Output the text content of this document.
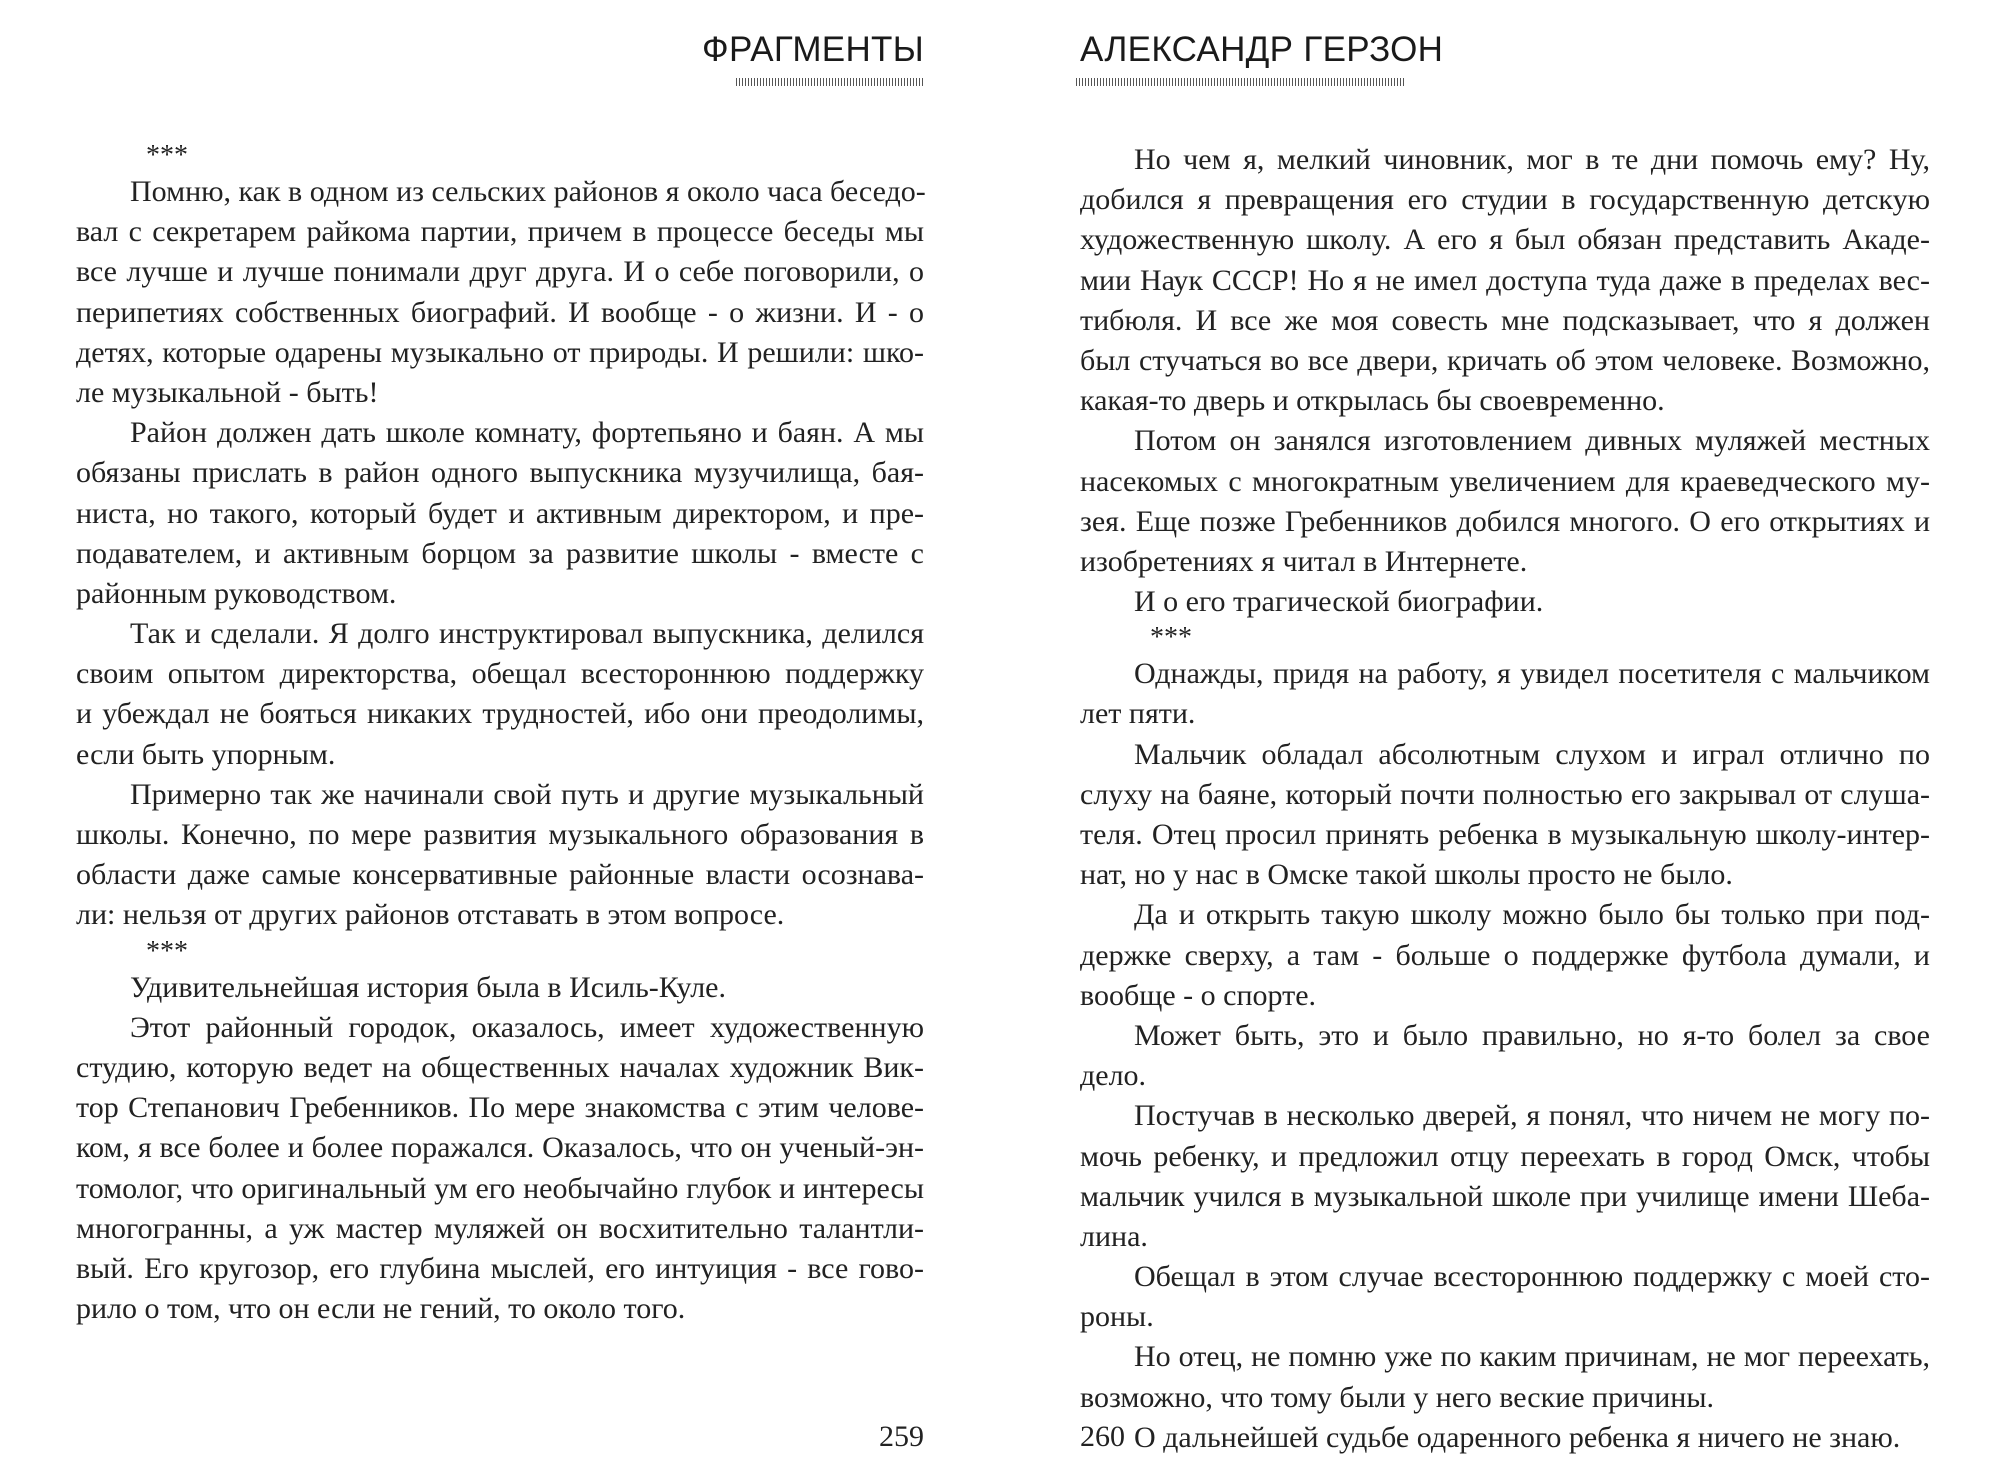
ФРАГМЕНТЫ
***
Помню, как в одном из сельских районов я около часа беседо-
вал с секретарем райкома партии, причем в процессе беседы мы
все лучше и лучше понимали друг друга. И о себе поговорили, о
перипетиях собственных биографий. И вообще - о жизни. И - о
детях, которые одарены музыкально от природы. И решили: шко-
ле музыкальной - быть!
Район должен дать школе комнату, фортепьяно и баян. А мы
обязаны прислать в район одного выпускника музучилища, бая-
ниста, но такого, который будет и активным директором, и пре-
подавателем, и активным борцом за развитие школы - вместе с
районным руководством.
Так и сделали. Я долго инструктировал выпускника, делился
своим опытом директорства, обещал всестороннюю поддержку
и убеждал не бояться никаких трудностей, ибо они преодолимы,
если быть упорным.
Примерно так же начинали свой путь и другие музыкальный
школы. Конечно, по мере развития музыкального образования в
области даже самые консервативные районные власти осознава-
ли: нельзя от других районов отставать в этом вопросе.
***
Удивительнейшая история была в Исиль-Куле.
Этот районный городок, оказалось, имеет художественную
студию, которую ведет на общественных началах художник Вик-
тор Степанович Гребенников. По мере знакомства с этим челове-
ком, я все более и более поражался. Оказалось, что он ученый-эн-
томолог, что оригинальный ум его необычайно глубок и интересы
многогранны, а уж мастер муляжей он восхитительно талантли-
вый. Его кругозор, его глубина мыслей, его интуиция - все гово-
рило о том, что он если не гений, то около того.
259
АЛЕКСАНДР ГЕРЗОН
Но чем я, мелкий чиновник, мог в те дни помочь ему? Ну,
добился я превращения его студии в государственную детскую
художественную школу. А его я был обязан представить Акаде-
мии Наук СССР! Но я не имел доступа туда даже в пределах вес-
тибюля. И все же моя совесть мне подсказывает, что я должен
был стучаться во все двери, кричать об этом человеке. Возможно,
какая-то дверь и открылась бы своевременно.
Потом он занялся изготовлением дивных муляжей местных
насекомых с многократным увеличением для краеведческого му-
зея. Еще позже Гребенников добился многого. О его открытиях и
изобретениях я читал в Интернете.
И о его трагической биографии.
***
Однажды, придя на работу, я увидел посетителя с мальчиком
лет пяти.
Мальчик обладал абсолютным слухом и играл отлично по
слуху на баяне, который почти полностью его закрывал от слуша-
теля. Отец просил принять ребенка в музыкальную школу-интер-
нат, но у нас в Омске такой школы просто не было.
Да и открыть такую школу можно было бы только при под-
держке сверху, а там - больше о поддержке футбола думали, и
вообще - о спорте.
Может быть, это и было правильно, но я-то болел за свое
дело.
Постучав в несколько дверей, я понял, что ничем не могу по-
мочь ребенку, и предложил отцу переехать в город Омск, чтобы
мальчик учился в музыкальной школе при училище имени Шеба-
лина.
Обещал в этом случае всестороннюю поддержку с моей сто-
роны.
Но отец, не помню уже по каким причинам, не мог переехать,
возможно, что тому были у него веские причины.
О дальнейшей судьбе одаренного ребенка я ничего не знаю.
260
